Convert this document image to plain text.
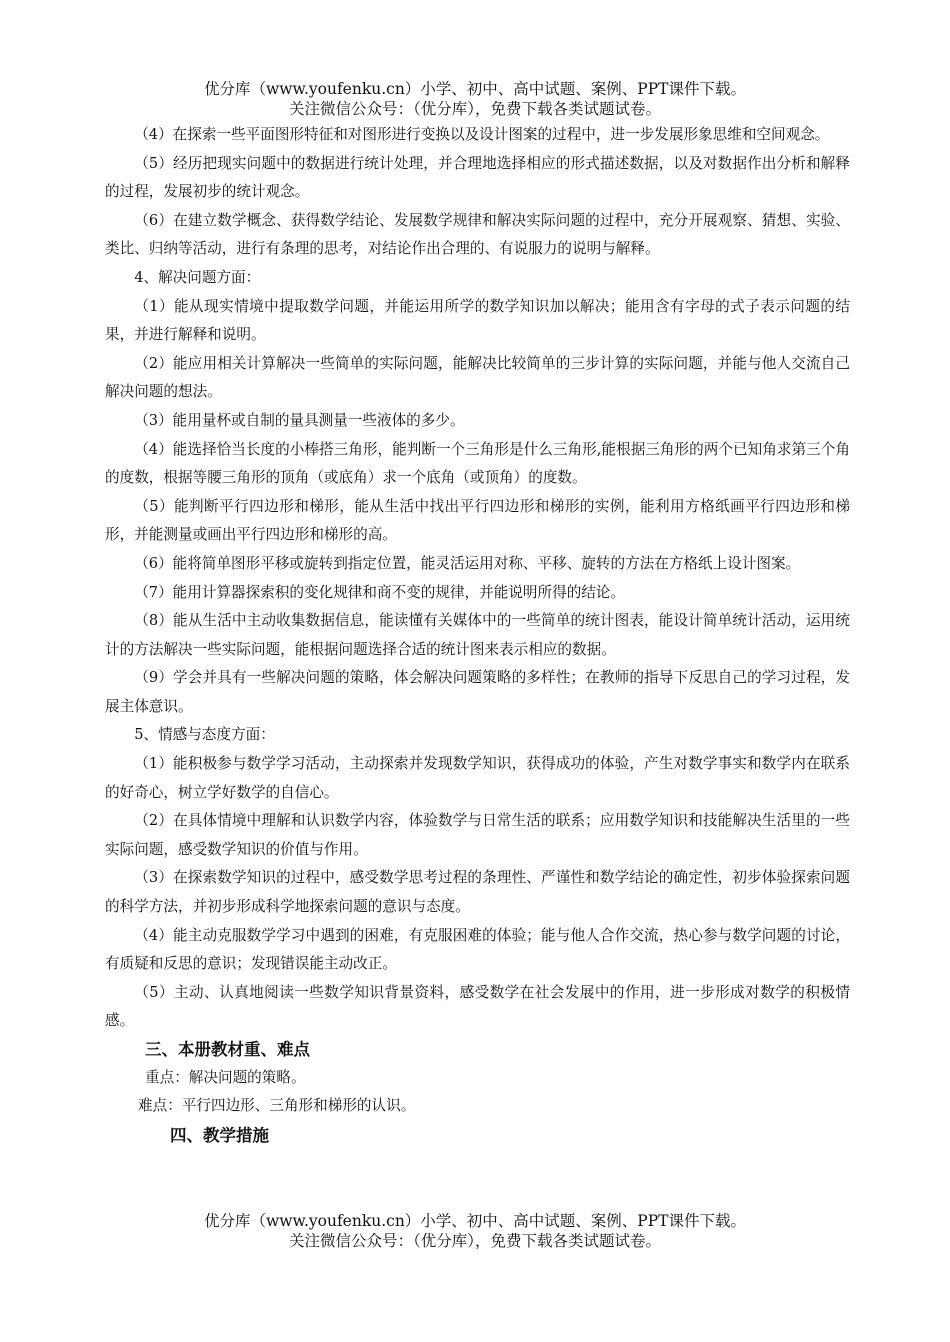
优分库（www.youfenku.cn）小学、初中、高中试题、案例、PPT课件下载。
关注微信公众号：（优分库），免费下载各类试题试卷。

（4）在探索一些平面图形特征和对图形进行变换以及设计图案的过程中，进一步发展形象思维和空间观念。

（5）经历把现实问题中的数据进行统计处理，并合理地选择相应的形式描述数据，以及对数据作出分析和解释的过程，发展初步的统计观念。

（6）在建立数学概念、获得数学结论、发展数学规律和解决实际问题的过程中，充分开展观察、猜想、实验、类比、归纳等活动，进行有条理的思考，对结论作出合理的、有说服力的说明与解释。

4、解决问题方面：

（1）能从现实情境中提取数学问题，并能运用所学的数学知识加以解决；能用含有字母的式子表示问题的结果，并进行解释和说明。

（2）能应用相关计算解决一些简单的实际问题，能解决比较简单的三步计算的实际问题，并能与他人交流自己解决问题的想法。

（3）能用量杯或自制的量具测量一些液体的多少。

（4）能选择恰当长度的小棒搭三角形，能判断一个三角形是什么三角形,能根据三角形的两个已知角求第三个角的度数，根据等腰三角形的顶角（或底角）求一个底角（或顶角）的度数。

（5）能判断平行四边形和梯形，能从生活中找出平行四边形和梯形的实例，能利用方格纸画平行四边形和梯形，并能测量或画出平行四边形和梯形的高。

（6）能将简单图形平移或旋转到指定位置，能灵活运用对称、平移、旋转的方法在方格纸上设计图案。

（7）能用计算器探索积的变化规律和商不变的规律，并能说明所得的结论。

（8）能从生活中主动收集数据信息，能读懂有关媒体中的一些简单的统计图表，能设计简单统计活动，运用统计的方法解决一些实际问题，能根据问题选择合适的统计图来表示相应的数据。

（9）学会并具有一些解决问题的策略，体会解决问题策略的多样性；在教师的指导下反思自己的学习过程，发展主体意识。

5、情感与态度方面：

（1）能积极参与数学学习活动，主动探索并发现数学知识，获得成功的体验，产生对数学事实和数学内在联系的好奇心，树立学好数学的自信心。

（2）在具体情境中理解和认识数学内容，体验数学与日常生活的联系；应用数学知识和技能解决生活里的一些实际问题，感受数学知识的价值与作用。

（3）在探索数学知识的过程中，感受数学思考过程的条理性、严谨性和数学结论的确定性，初步体验探索问题的科学方法，并初步形成科学地探索问题的意识与态度。

（4）能主动克服数学学习中遇到的困难，有克服困难的体验；能与他人合作交流，热心参与数学问题的讨论，有质疑和反思的意识；发现错误能主动改正。

（5）主动、认真地阅读一些数学知识背景资料，感受数学在社会发展中的作用，进一步形成对数学的积极情感。

三、本册教材重、难点

重点：解决问题的策略。

难点：平行四边形、三角形和梯形的认识。

四、教学措施

优分库（www.youfenku.cn）小学、初中、高中试题、案例、PPT课件下载。
关注微信公众号：（优分库），免费下载各类试题试卷。
